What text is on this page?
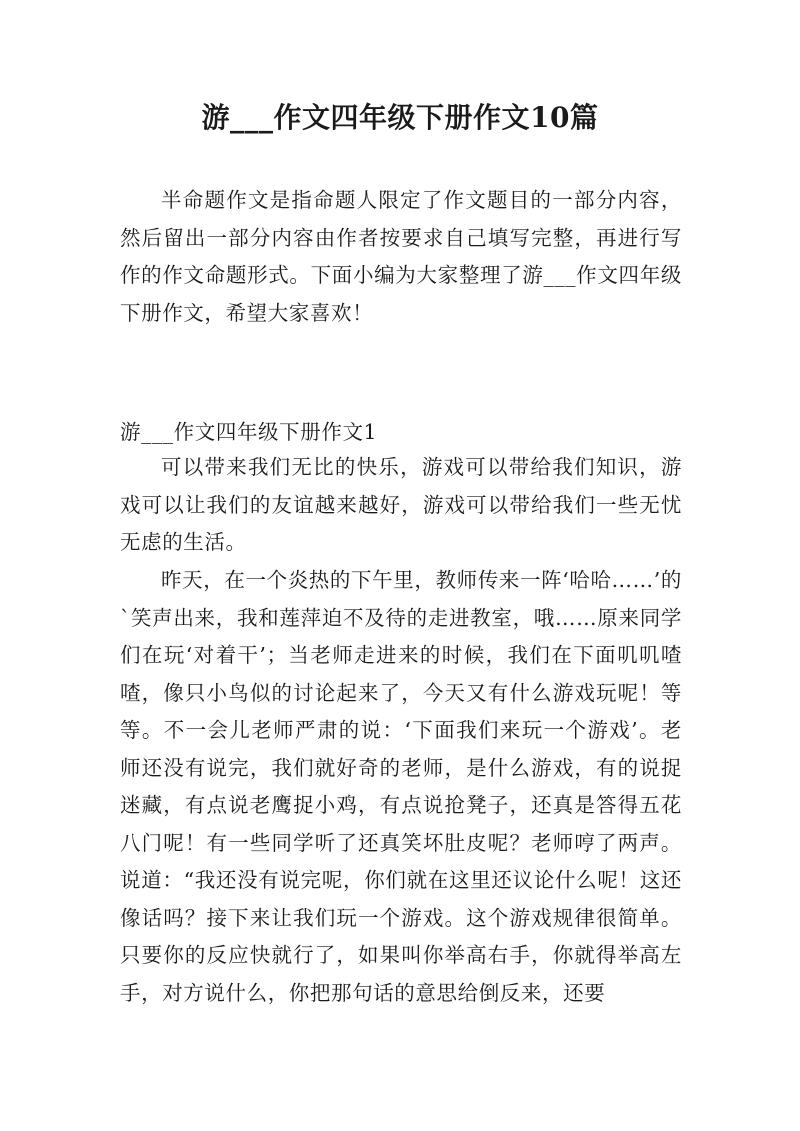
游___作文四年级下册作文10篇

半命题作文是指命题人限定了作文题目的一部分内容，然后留出一部分内容由作者按要求自己填写完整，再进行写作的作文命题形式。下面小编为大家整理了游___作文四年级下册作文，希望大家喜欢！

游___作文四年级下册作文1

可以带来我们无比的快乐，游戏可以带给我们知识，游戏可以让我们的友谊越来越好，游戏可以带给我们一些无忧无虑的生活。

昨天，在一个炎热的下午里，教师传来一阵‘哈哈……’的`笑声出来，我和莲萍迫不及待的走进教室，哦……原来同学们在玩‘对着干’；当老师走进来的时候，我们在下面叽叽喳喳，像只小鸟似的讨论起来了，今天又有什么游戏玩呢！等等。不一会儿老师严肃的说：‘下面我们来玩一个游戏’。老师还没有说完，我们就好奇的老师，是什么游戏，有的说捉迷藏，有点说老鹰捉小鸡，有点说抢凳子，还真是答得五花八门呢！有一些同学听了还真笑坏肚皮呢？老师哼了两声。说道：“我还没有说完呢，你们就在这里还议论什么呢！这还像话吗？接下来让我们玩一个游戏。这个游戏规律很简单。只要你的反应快就行了，如果叫你举高右手，你就得举高左手，对方说什么，你把那句话的意思给倒反来，还要
